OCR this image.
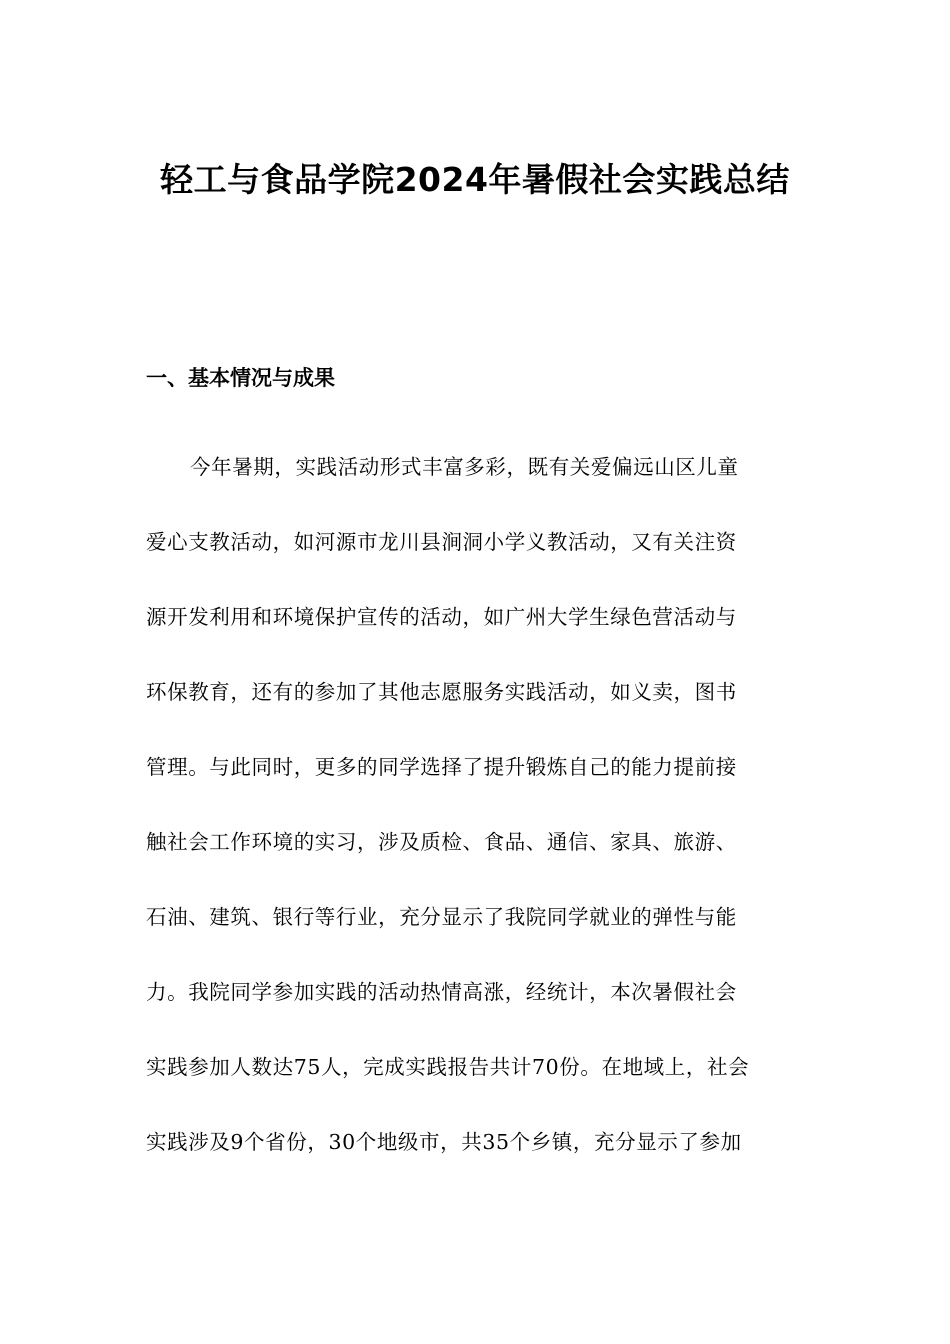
轻工与食品学院2024年暑假社会实践总结
一、基本情况与成果

今年暑期，实践活动形式丰富多彩，既有关爱偏远山区儿童

爱心支教活动，如河源市龙川县涧洞小学义教活动，又有关注资

源开发利用和环境保护宣传的活动，如广州大学生绿色营活动与

环保教育，还有的参加了其他志愿服务实践活动，如义卖，图书

管理。与此同时，更多的同学选择了提升锻炼自己的能力提前接

触社会工作环境的实习，涉及质检、食品、通信、家具、旅游、

石油、建筑、银行等行业，充分显示了我院同学就业的弹性与能

力。我院同学参加实践的活动热情高涨，经统计，本次暑假社会

实践参加人数达75人，完成实践报告共计70份。在地域上，社会

实践涉及9个省份，30个地级市，共35个乡镇，充分显示了参加
